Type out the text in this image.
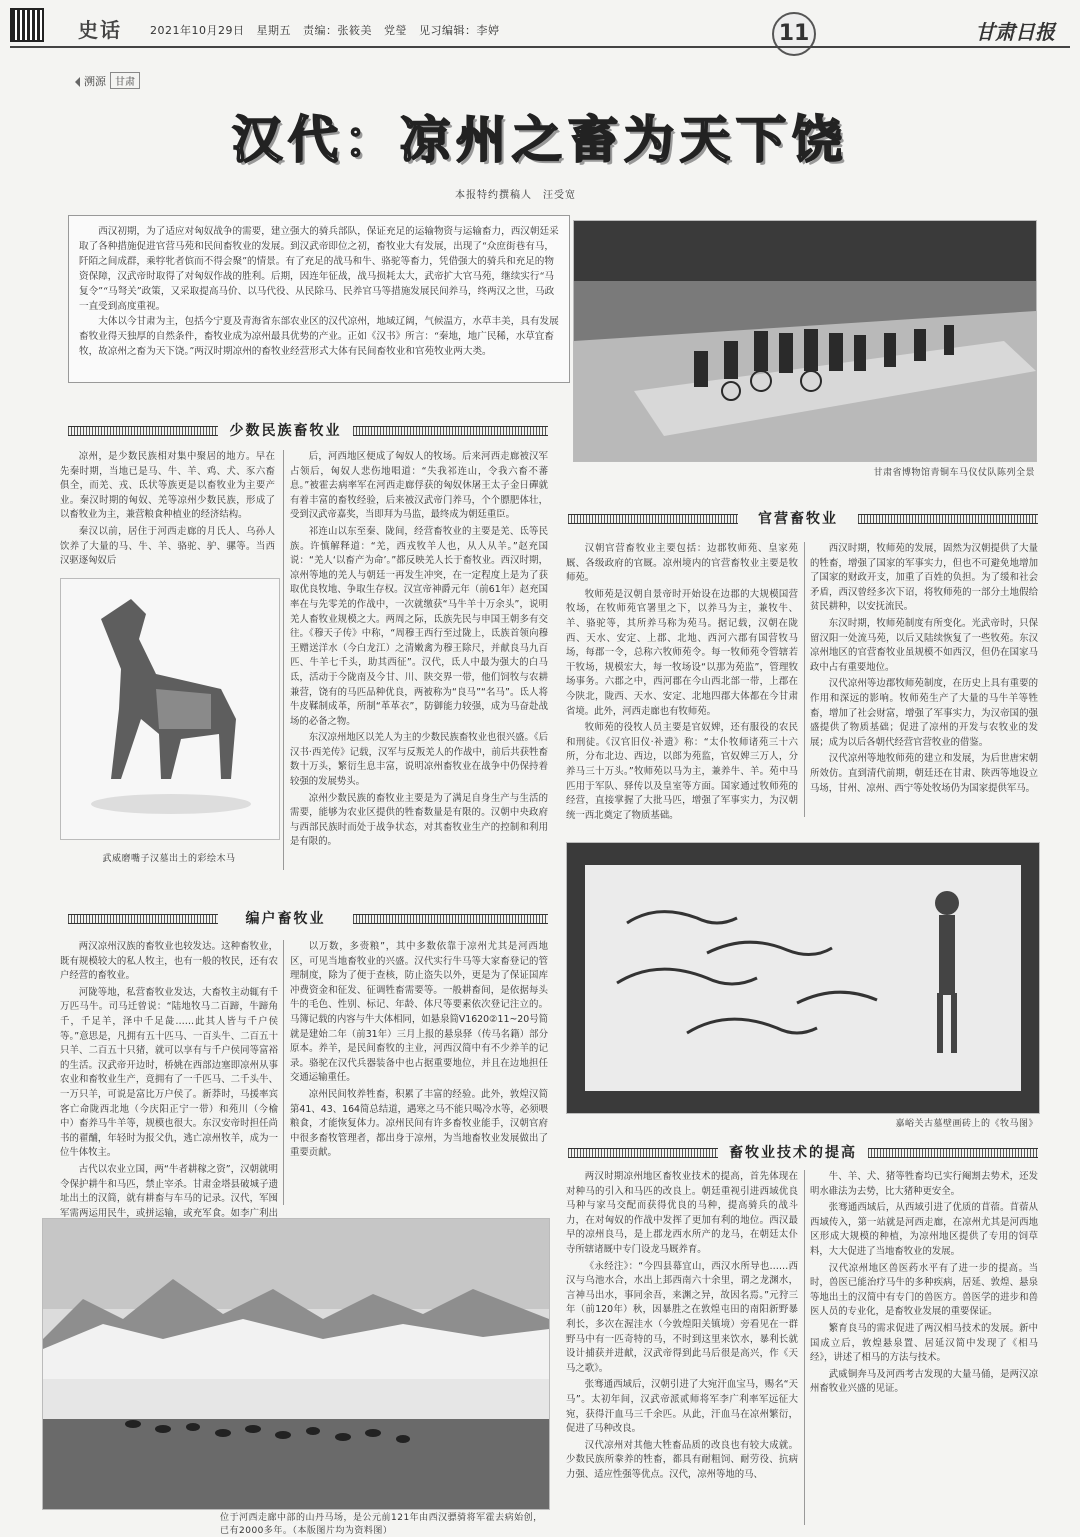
史话	2021年10月29日 星期五 责编：张筱美 党瑩 见习编辑：李婷	11	甘肃日报
溯源 甘肃
汉代：凉州之畜为天下饶
本报特约撰稿人　汪受宽

西汉初期，为了适应对匈奴战争的需要，建立强大的骑兵部队，保证充足的运输物资与运输畜力，西汉朝廷采取了各种措施促进官营马苑和民间畜牧业的发展。到汉武帝即位之初，畜牧业大有发展，出现了“众庶街巷有马，阡陌之间成群，乘牸牝者傧而不得会聚”的情景。有了充足的战马和牛、骆驼等畜力，凭借强大的骑兵和充足的物资保障，汉武帝时取得了对匈奴作战的胜利。后期，因连年征战，战马损耗太大，武帝扩大官马苑，继续实行“马复令”“马弩关”政策，又采取提高马价、以马代役、从民除马、民养官马等措施发展民间养马，终两汉之世，马政一直受到高度重视。

大体以今甘肃为主，包括今宁夏及青海省东部农业区的汉代凉州，地域辽阔，气候温方，水草丰美，具有发展畜牧业得天独厚的自然条件，畜牧业成为凉州最具优势的产业。正如《汉书》所言：“秦地，地广民稀，水草宜畜牧，故凉州之畜为天下饶。”两汉时期凉州的畜牧业经营形式大体有民间畜牧业和官苑牧业两大类。

甘肃省博物馆青铜车马仪仗队陈列全景
少数民族畜牧业

凉州，是少数民族相对集中聚居的地方。早在先秦时期，当地已是马、牛、羊、鸡、犬、豕六畜俱全，而羌、戎、氐状等族更是以畜牧业为主要产业。秦汉时期的匈奴、羌等凉州少数民族，形成了以畜牧业为主，兼营粮食种植业的经济结构。

秦汉以前，居住于河西走廊的月氏人、乌孙人饮养了大量的马、牛、羊、骆驼、驴、骡等。当西汉驱逐匈奴后

武威磨嘴子汉墓出土的彩绘木马

后，河西地区便成了匈奴人的牧场。后来河西走廊被汉军占领后，匈奴人悲伤地唱道：“失我祁连山，令我六畜不蕃息。”被霍去病率军在河西走廊俘获的匈奴休屠王太子金日磾就有着丰富的畜牧经验，后来被汉武帝门养马，个个膘肥体壮，受到汉武帝嘉奖，当即拜为马监，最终成为朝廷重臣。

祁连山以东至秦、陇间，经营畜牧业的主要是羌、氐等民族。许慎解释道：“羌，西戎牧羊人也，从人从羊。”赵充国说：“羌人‘以畜产为命’。”都反映羌人长于畜牧业。西汉时期，凉州等地的羌人与朝廷一再发生冲突，在一定程度上是为了获取优良牧地、争取生存权。汉宣帝神爵元年（前61年）赵充国率在与先零羌的作战中，一次就缴获“马牛羊十万余头”，说明羌人畜牧业规模之大。两周之际，氐族先民与申国王朝多有交往。《穆天子传》中称，“周穆王西行至过陇上，氐族首领向穆王赠送洋水（今白龙江）之清嫩禽为穆王除尺，并献良马九百匹、牛羊七千头，助其西征”。汉代，氐人中最为强大的白马氐，活动于今陇南及今甘、川、陕交界一带，他们饲牧与农耕兼营，饶有的马匹品种优良，两被称为“良马”“名马”。氐人将牛皮鞣制成革，所制“革革衣”，防御能力较强，成为马奋赴战场的必备之物。

东汉凉州地区以羌人为主的少数民族畜牧业也很兴盛。《后汉书·西羌传》记载，汉军与反叛羌人的作战中，前后共获牲畜数十万头，繁衍生息丰富，说明凉州畜牧业在战争中仍保持着较强的发展势头。

凉州少数民族的畜牧业主要是为了满足自身生产与生活的需要，能够为农业区提供的牲畜数量是有限的。汉朝中央政府与西部民族时而处于战争状态，对其畜牧业生产的控制和利用是有限的。

官营畜牧业

汉朝官营畜牧业主要包括：边郡牧师苑、皇家苑厩、各级政府的官厩。凉州境内的官营畜牧业主要是牧师苑。

牧师苑是汉朝自景帝时开始设在边郡的大规模国营牧场，在牧师苑官署里之下，以养马为主，兼牧牛、羊、骆驼等，其所养马称为苑马。据记载，汉朝在陇西、天水、安定、上郡、北地、西河六郡有国营牧马场，每郡一令，总称六牧师苑令。每一牧师苑令管辖若干牧场，规模宏大，每一牧场设“以那为苑监”，管理牧场事务。六郡之中，西河郡在今山西北部一带，上郡在今陕北，陇西、天水、安定、北地四郡大体都在今甘肃省境。此外，河西走廊也有牧师苑。

牧师苑的役牧人员主要是官奴婢，还有服役的农民和刑徒。《汉官旧仪·补遗》称：“太仆牧师诸苑三十六所，分布北边、西边，以郎为苑监，官奴婢三万人，分养马三十万头。”牧师苑以马为主，兼养牛、羊。苑中马匹用于军队、驿传以及皇室等方面。国家通过牧师苑的经营，直接掌握了大批马匹，增强了军事实力，为汉朝统一西北奠定了物质基础。

西汉时期，牧师苑的发展，固然为汉朝提供了大量的牲畜，增强了国家的军事实力，但也不可避免地增加了国家的财政开支，加重了百姓的负担。为了缓和社会矛盾，西汉曾经多次下诏，将牧师苑的一部分土地假给贫民耕种，以安抚流民。

东汉时期，牧师苑制度有所变化。光武帝时，只保留汉阳一处流马苑，以后又陆续恢复了一些牧苑。东汉凉州地区的官营畜牧业虽规模不如西汉，但仍在国家马政中占有重要地位。

汉代凉州等边郡牧师苑制度，在历史上具有重要的作用和深远的影响。牧师苑生产了大量的马牛羊等牲畜，增加了社会财富，增强了军事实力，为汉帝国的强盛提供了物质基础；促进了凉州的开发与农牧业的发展；成为以后各朝代经营官营牧业的借鉴。

汉代凉州等地牧师苑的建立和发展，为后世唐宋朝所效仿。直到清代前期，朝廷还在甘肃、陕西等地设立马场，甘州、凉州、西宁等处牧场仍为国家提供军马。

嘉峪关古墓壁画砖上的《牧马图》
编户畜牧业

两汉凉州汉族的畜牧业也较发达。这种畜牧业，既有规模较大的私人牧主，也有一般的牧民，还有农户经营的畜牧业。

河陇等地，私营畜牧业发达，大畜牧主动辄有千万匹马牛。司马迁曾说：“陆地牧马二百蹄，牛蹄角千，千足羊，泽中千足彘……此其人皆与千户侯等。”意思是，凡拥有五十匹马、一百头牛、二百五十只羊、二百五十只猪，就可以享有与千户侯同等富裕的生活。汉武帝开边时，桥姚在西部边塞即凉州从事农业和畜牧业生产，竟拥有了一千匹马、二千头牛、一万只羊，可说是富比万户侯了。新莽时，马援率宾客亡命陇西北地（今庆阳正宁一带）和苑川（今榆中）畜养马牛羊等，规模也很大。东汉安帝时担任尚书的翟酺，年轻时为报父仇，逃亡凉州牧羊，成为一位牛体牧主。

古代以农业立国，两“牛者耕稼之资”，汉朝就明令保护耕牛和马匹，禁止宰杀。甘肃金塔县破城子遗址出土的汉简，就有耕畜与车马的记录。汉代，军囤军需两运用民牛，或拼运输，或充军食。如李广利出

以万数，多赍粮”，其中多数依靠于凉州尤其是河西地区，可见当地畜牧业的兴盛。汉代实行牛马等大家畜登记的管理制度，除为了便于查核，防止盗失以外，更是为了保证国库冲费资金和征发、征调牲畜需要等。一般耕畜间，是依据每头牛的毛色、性别、标记、年龄、体尺等要素依次登记注立的。马簿记载的内容与牛大体相同，如悬泉简Ⅴ1620②11~20号简就是建始二年（前31年）三月上报的悬泉驿（传马名籍）部分原本。养羊，是民间畜牧的主业，河西汉简中有不少养羊的记录。骆驼在汉代兵器装备中也占据重要地位，并且在边地担任交通运输重任。

凉州民间牧养牲畜，积累了丰富的经验。此外，敦煌汉简第41、43、164简总结道，遇寒之马不能只喝冷水等，必须喂粮食，才能恢复体力。凉州民间有许多畜牧业能手，汉朝官府中很多畜牧管理者，都出身于凉州，为当地畜牧业发展做出了重要贡献。

位于河西走廊中部的山丹马场，是公元前121年由西汉骠骑将军霍去病始创，已有2000多年。（本版图片均为资料图）
畜牧业技术的提高

两汉时期凉州地区畜牧业技术的提高，首先体现在对种马的引入和马匹的改良上。朝廷重视引进西域优良马种与家马交配而获得优良的马种，提高骑兵的战斗力，在对匈奴的作战中发挥了更加有利的地位。西汉最早的凉州良马，是上郡龙西水所产的龙马，在朝廷太仆寺所辖诸厩中专门设龙马厩养育。

《永经注》：“今四县幕宜山，西汉水所导也……西汉与乌池水合，水出上邽西南六十余里，谓之龙渊水，言神马出水，事同余吾，来渊之异，故因名焉。”元狩三年（前120年）秋，因暴胜之在敦煌屯田的南阳新野暴利长，多次在渥洼水（今敦煌阳关镇境）旁看见在一群野马中有一匹奇特的马，不时到这里来饮水，暴利长就设计捕获并进献，汉武帝得到此马后很是高兴，作《天马之歌》。

张骞通西域后，汉朝引进了大宛汗血宝马，赐名“天马”。太初年间，汉武帝派贰师将军李广利率军远征大宛，获得汗血马三千余匹。从此，汗血马在凉州繁衍，促进了马种改良。

汉代凉州对其他大牲畜品质的改良也有较大成就。少数民族所豢养的牲畜，都具有耐粗饲、耐劳役、抗病力强、适应性强等优点。汉代，凉州等地的马、

牛、羊、犬、猪等牲畜均已实行阉割去势术，还发明水碓法为去势，比大猪种更安全。

张骞通西域后，从西域引进了优质的苜蓿。苜蓿从西域传入，第一站就是河西走廊，在凉州尤其是河西地区形成大规模的种植，为凉州地区提供了专用的饲草料，大大促进了当地畜牧业的发展。

汉代凉州地区兽医药水平有了进一步的提高。当时，兽医已能治疗马牛的多种疾病，居延、敦煌、悬泉等地出土的汉简中有专门的兽医方。兽医学的进步和兽医人员的专业化，是畜牧业发展的重要保证。

繁育良马的需求促进了两汉相马技术的发展。新中国成立后，敦煌悬泉置、居延汉简中发现了《相马经》，讲述了相马的方法与技术。

武威铜奔马及河西考古发现的大量马俑，是两汉凉州畜牧业兴盛的见证。
